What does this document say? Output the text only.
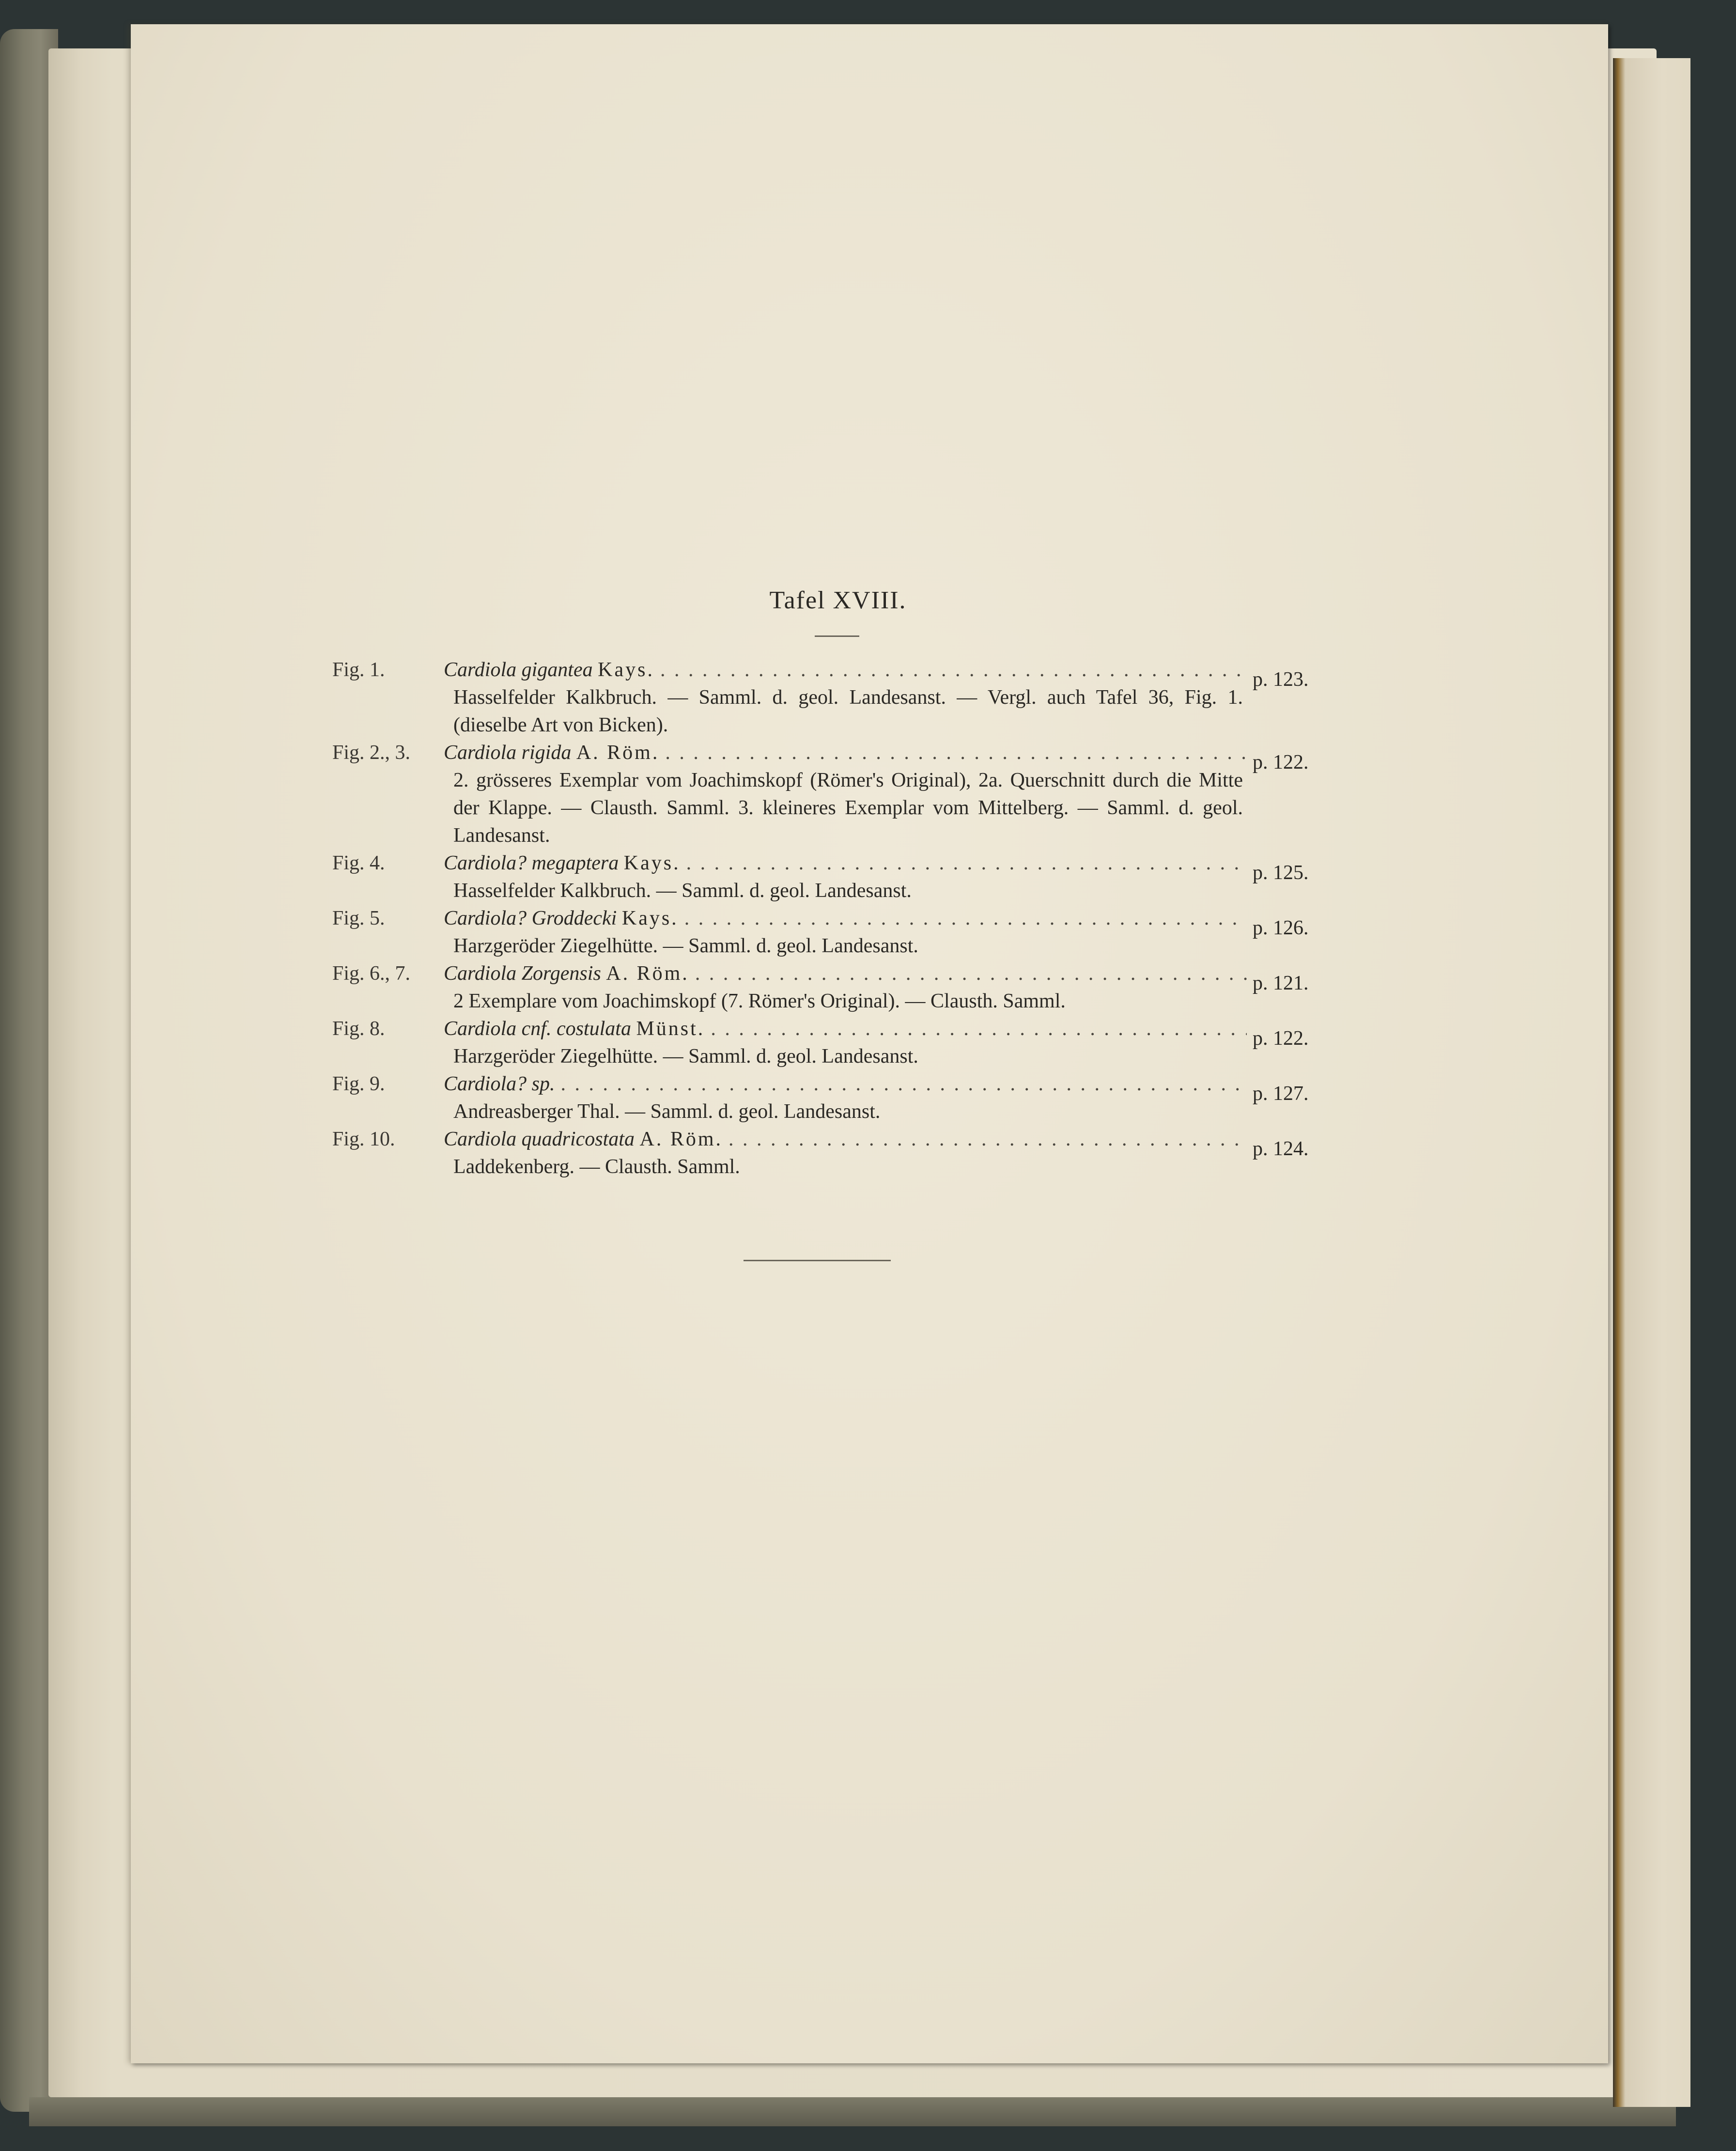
Tafel XVIII.
Fig. 1.	Cardiola gigantea Kays. . . .	p. 123.
Hasselfelder Kalkbruch. — Samml. d. geol. Landesanst. — Vergl. auch Tafel 36, Fig. 1. (dieselbe Art von Bicken).
Fig. 2., 3.	Cardiola rigida A. Röm. . . .	p. 122.
2. grösseres Exemplar vom Joachimskopf (Römer's Original), 2a. Querschnitt durch die Mitte der Klappe. — Clausth. Samml. 3. kleineres Exemplar vom Mittelberg. — Samml. d. geol. Landesanst.
Fig. 4.	Cardiola? megaptera Kays. . . .	p. 125.
Hasselfelder Kalkbruch. — Samml. d. geol. Landesanst.
Fig. 5.	Cardiola? Groddecki Kays. . . .	p. 126.
Harzgeröder Ziegelhütte. — Samml. d. geol. Landesanst.
Fig. 6., 7.	Cardiola Zorgensis A. Röm. . . .	p. 121.
2 Exemplare vom Joachimskopf (7. Römer's Original). — Clausth. Samml.
Fig. 8.	Cardiola cnf. costulata Münst. . . .	p. 122.
Harzgeröder Ziegelhütte. — Samml. d. geol. Landesanst.
Fig. 9.	Cardiola? sp. . . .	p. 127.
Andreasberger Thal. — Samml. d. geol. Landesanst.
Fig. 10.	Cardiola quadricostata A. Röm. . . .	p. 124.
Laddekenberg. — Clausth. Samml.
